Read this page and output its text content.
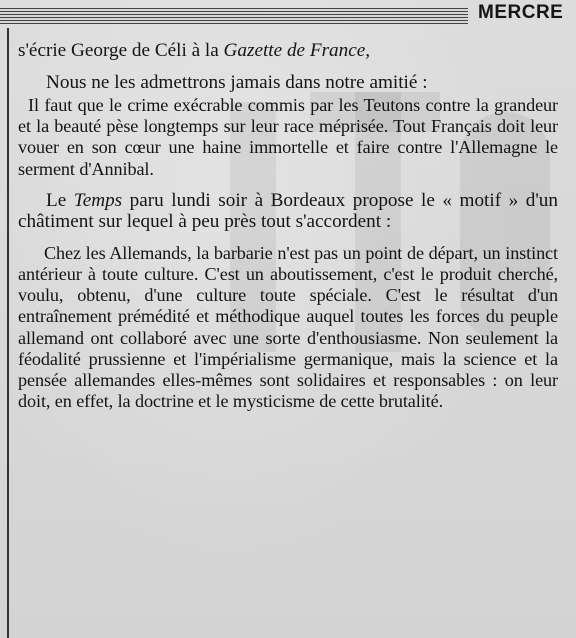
MERCRE

s'écrie George de Céli à la Gazette de France,

Nous ne les admettrons jamais dans notre amitié :

Il faut que le crime exécrable commis par les Teutons contre la grandeur et la beauté pèse longtemps sur leur race méprisée. Tout Français doit leur vouer en son cœur une haine immortelle et faire contre l'Allemagne le serment d'Annibal.

Le Temps paru lundi soir à Bordeaux propose le « motif » d'un châtiment sur lequel à peu près tout s'accordent :

Chez les Allemands, la barbarie n'est pas un point de départ, un instinct antérieur à toute culture. C'est un aboutissement, c'est le produit cherché, voulu, obtenu, d'une culture toute spéciale. C'est le résultat d'un entraînement prémédité et méthodique auquel toutes les forces du peuple allemand ont collaboré avec une sorte d'enthousiasme. Non seulement la féodalité prussienne et l'impérialisme germanique, mais la science et la pensée allemandes elles-mêmes sont solidaires et responsables : on leur doit, en effet, la doctrine et le mysticisme de cette brutalité.
